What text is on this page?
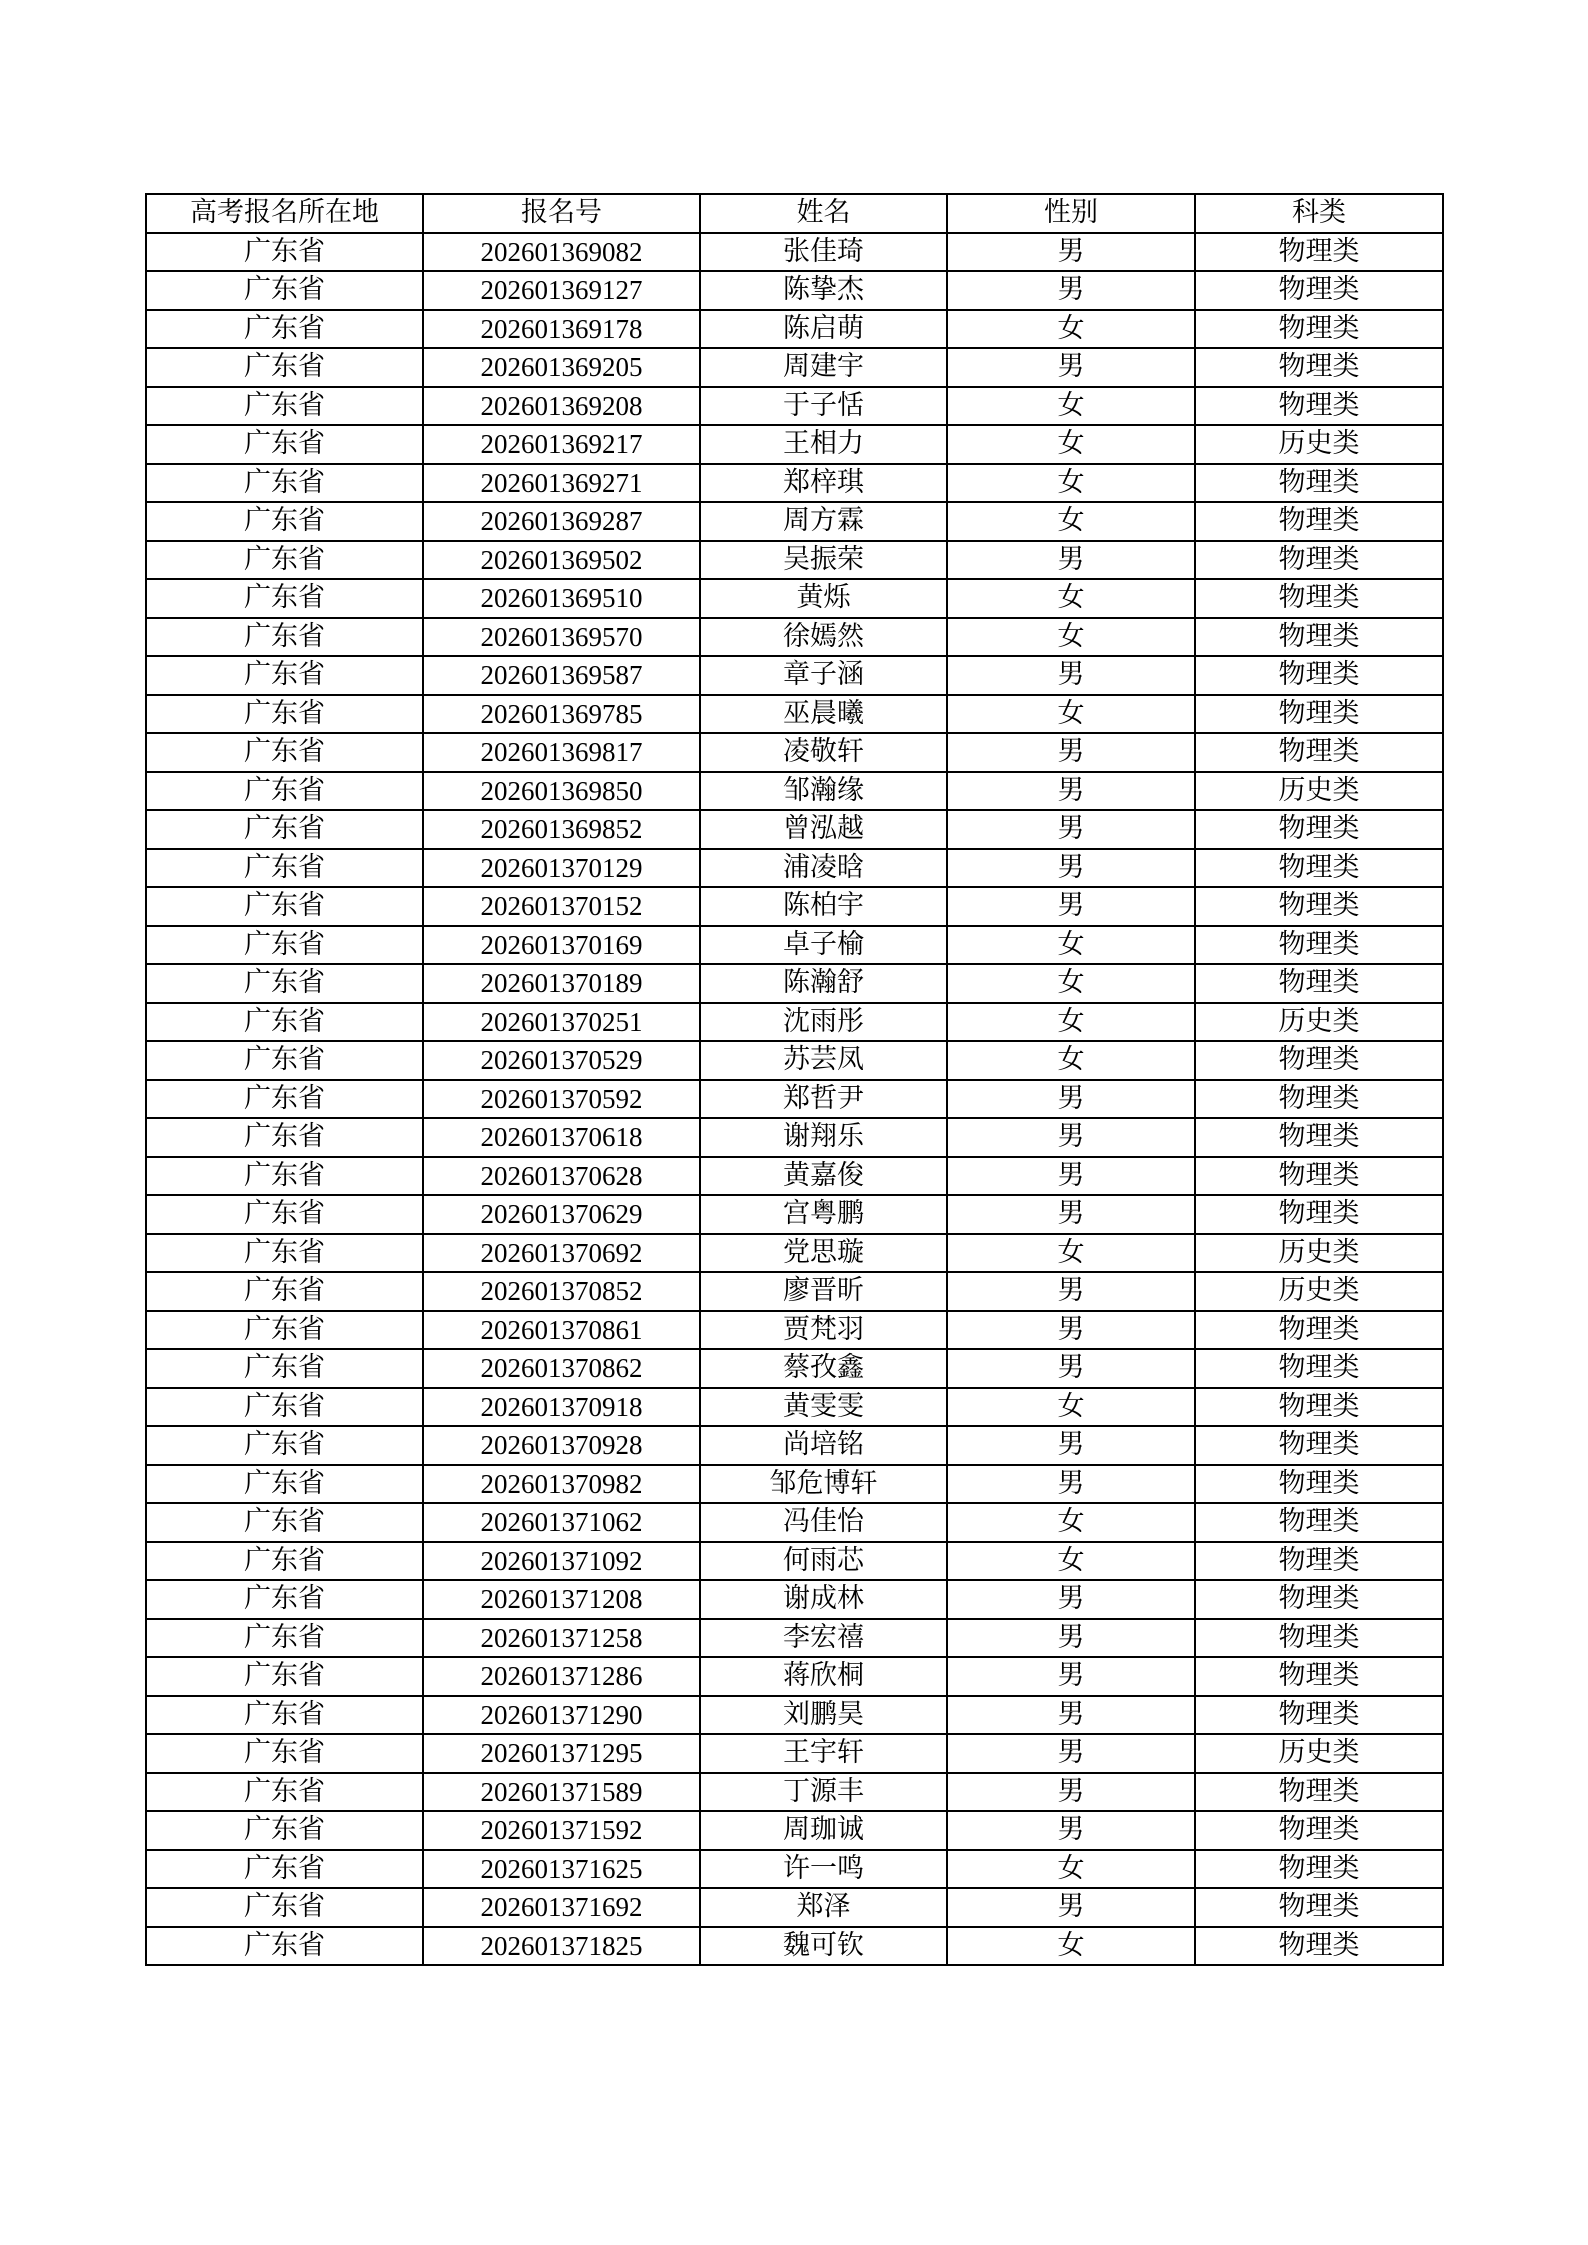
高考报名所在地	报名号	姓名	性别	科类
广东省	202601369082	张佳琦	男	物理类
广东省	202601369127	陈挚杰	男	物理类
广东省	202601369178	陈启萌	女	物理类
广东省	202601369205	周建宇	男	物理类
广东省	202601369208	于子恬	女	物理类
广东省	202601369217	王相力	女	历史类
广东省	202601369271	郑梓琪	女	物理类
广东省	202601369287	周方霖	女	物理类
广东省	202601369502	吴振荣	男	物理类
广东省	202601369510	黄烁	女	物理类
广东省	202601369570	徐嫣然	女	物理类
广东省	202601369587	章子涵	男	物理类
广东省	202601369785	巫晨曦	女	物理类
广东省	202601369817	凌敬轩	男	物理类
广东省	202601369850	邹瀚缘	男	历史类
广东省	202601369852	曾泓越	男	物理类
广东省	202601370129	浦凌晗	男	物理类
广东省	202601370152	陈柏宇	男	物理类
广东省	202601370169	卓子榆	女	物理类
广东省	202601370189	陈瀚舒	女	物理类
广东省	202601370251	沈雨彤	女	历史类
广东省	202601370529	苏芸凤	女	物理类
广东省	202601370592	郑哲尹	男	物理类
广东省	202601370618	谢翔乐	男	物理类
广东省	202601370628	黄嘉俊	男	物理类
广东省	202601370629	宫粤鹏	男	物理类
广东省	202601370692	党思璇	女	历史类
广东省	202601370852	廖晋昕	男	历史类
广东省	202601370861	贾梵羽	男	物理类
广东省	202601370862	蔡孜鑫	男	物理类
广东省	202601370918	黄雯雯	女	物理类
广东省	202601370928	尚培铭	男	物理类
广东省	202601370982	邹危博轩	男	物理类
广东省	202601371062	冯佳怡	女	物理类
广东省	202601371092	何雨芯	女	物理类
广东省	202601371208	谢成林	男	物理类
广东省	202601371258	李宏禧	男	物理类
广东省	202601371286	蒋欣桐	男	物理类
广东省	202601371290	刘鹏昊	男	物理类
广东省	202601371295	王宇轩	男	历史类
广东省	202601371589	丁源丰	男	物理类
广东省	202601371592	周珈诚	男	物理类
广东省	202601371625	许一鸣	女	物理类
广东省	202601371692	郑泽	男	物理类
广东省	202601371825	魏可钦	女	物理类
